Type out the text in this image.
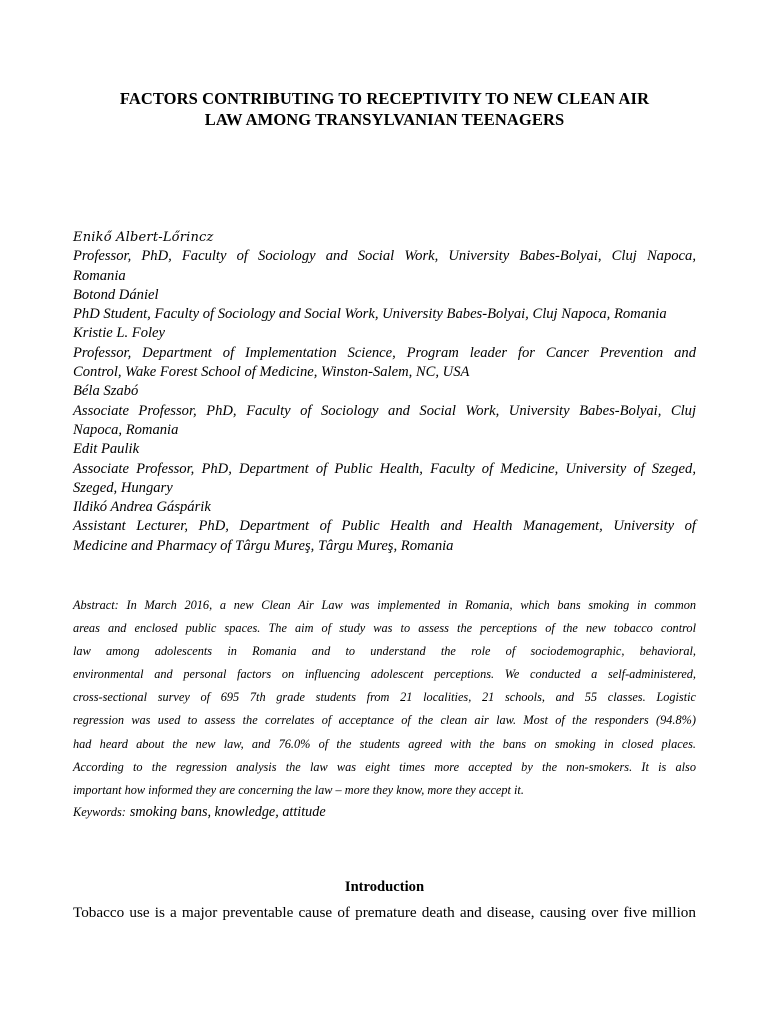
FACTORS CONTRIBUTING TO RECEPTIVITY TO NEW CLEAN AIR
LAW AMONG TRANSYLVANIAN TEENAGERS
Enikő Albert-Lőrincz
Professor, PhD, Faculty of Sociology and Social Work, University Babes-Bolyai, Cluj Napoca,
Romania
Botond Dániel
PhD Student, Faculty of Sociology and Social Work, University Babes-Bolyai, Cluj Napoca, Romania
Kristie L. Foley
Professor, Department of Implementation Science, Program leader for Cancer Prevention and
Control, Wake Forest School of Medicine, Winston-Salem, NC, USA
Béla Szabó
Associate Professor, PhD, Faculty of Sociology and Social Work, University Babes-Bolyai, Cluj
Napoca, Romania
Edit Paulik
Associate Professor, PhD, Department of Public Health, Faculty of Medicine, University of Szeged,
Szeged, Hungary
Ildikó Andrea Gáspárik
Assistant Lecturer, PhD, Department of Public Health and Health Management, University of
Medicine and Pharmacy of Târgu Mureş, Târgu Mureş, Romania
Abstract: In March 2016, a new Clean Air Law was implemented in Romania, which bans smoking in common
areas and enclosed public spaces. The aim of study was to assess the perceptions of the new tobacco control
law among adolescents in Romania and to understand the role of sociodemographic, behavioral,
environmental and personal factors on influencing adolescent perceptions. We conducted a self-administered,
cross-sectional survey of 695 7th grade students from 21 localities, 21 schools, and 55 classes. Logistic
regression was used to assess the correlates of acceptance of the clean air law. Most of the responders (94.8%)
had heard about the new law, and 76.0% of the students agreed with the bans on smoking in closed places.
According to the regression analysis the law was eight times more accepted by the non-smokers. It is also
important how informed they are concerning the law – more they know, more they accept it.
Keywords: smoking bans, knowledge, attitude
Introduction
Tobacco use is a major preventable cause of premature death and disease, causing over five million
